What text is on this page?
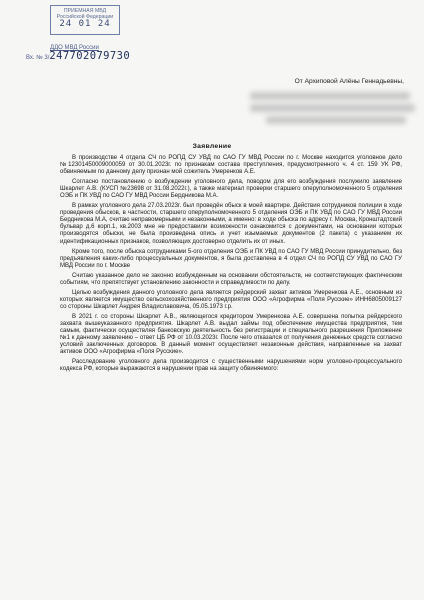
ПРИЕМНАЯ МВД
Российской Федерации
24 01 24
ДДО МВД России
Вх. № 3/247702079730
От Архиповой Алёны Геннадьевны,
Заявление

В производстве 4 отдела СЧ по РОПД СУ УВД по САО ГУ МВД России по г. Москве находится уголовное дело №12301450009000059 от 30.01.2023г. по признакам состава преступления, предусмотренного ч. 4 ст. 159 УК РФ, обвиняемым по данному делу признан мой сожитель Умеренков А.Е.

Согласно постановлению о возбуждении уголовного дела, поводом для его возбуждения послужило заявление Шкарлет А.В. (КУСП №23698 от 31.08.2022г.), а также материал проверки старшего оперуполномоченного 5 отделения ОЭБ и ПК УВД по САО ГУ МВД России Бердникова М.А.

В рамках уголовного дела 27.03.2023г. был проведён обыск в моей квартире. Действия сотрудников полиции в ходе проведения обысков, в частности, старшего оперуполномоченного 5 отделения ОЭБ и ПК УВД по САО ГУ МВД России Бердникова М.А, считаю неправомерными и незаконными, а именно: в ходе обыска по адресу г. Москва, Кронштадтский бульвар д.6 корп.1, кв.2003 мне не предоставили возможности ознакомится с документами, на основании которых производятся обыски, не была произведена опись и учет изымаемых документов (2 пакета) с указанием их идентификационных признаков, позволяющих достоверно отделить их от иных.

Кроме того, после обыска сотрудниками 5-ого отделения ОЭБ и ПК УВД по САО ГУ МВД России принудительно, без предъявления каких-либо процессуальных документов, я была доставлена в 4 отдел СЧ по РОПД СУ УВД по САО ГУ МВД России по г. Москве

Считаю указанное дело не законно возбужденным на основании обстоятельств, не соответствующих фактическим событиям, что препятствует установлению законности и справедливости по делу.

Целью возбуждения данного уголовного дела является рейдерский захват активов Умеренкова А.Е., основным из которых является имущество сельскохозяйственного предприятия ООО «Агрофирма «Поля Русские» ИНН6805009127 со стороны Шкарлет Андрея Владиславовича, 05.05.1973 г.р.

В 2021 г. со стороны Шкарлет А.В., являющегося кредитором Умеренкова А.Е. совершена попытка рейдерского захвата вышеуказанного предприятия. Шкарлет А.В. выдал займы под обеспечение имущества предприятия, тем самым, фактически осуществляя банковскую деятельность без регистрации и специального разрешения Приложение №1 к данному заявлению – ответ ЦБ РФ от 10.03.2023г. После чего отказался от получения денежных средств согласно условий заключенных договоров. В данный момент осуществляет незаконные действия, направленные на захват активов ООО «Агрофирма «Поля Русские».

Расследование уголовного дела производится с существенными нарушениями норм уголовно-процессуального кодекса РФ, которые выражаются в нарушении прав на защиту обвиняемого:
